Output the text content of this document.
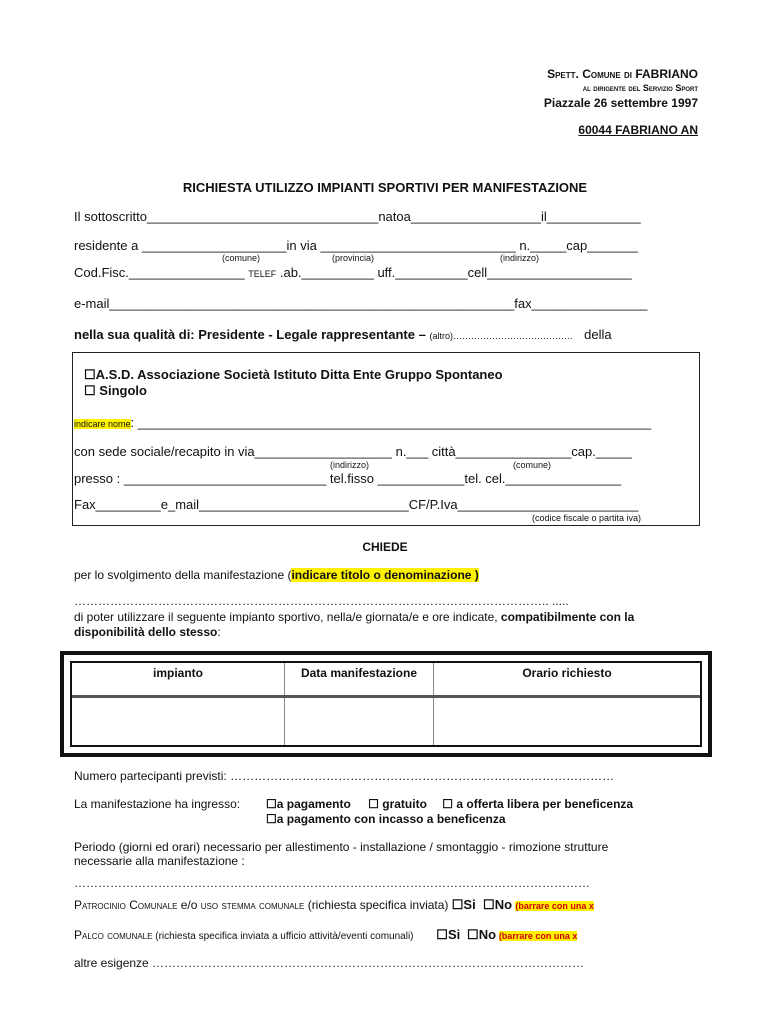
Spett. Comune di FABRIANO
al dirigente del Servizio Sport
Piazzale 26 settembre 1997
60044 FABRIANO AN
RICHIESTA UTILIZZO IMPIANTI SPORTIVI PER MANIFESTAZIONE
Il sottoscritto________________________________natoa__________________il_____________
residente a ____________________in via ___________________________ n._____cap_______
(comune)	(provincia)	(indirizzo)
Cod.Fisc.________________ TELEF .ab.__________ uff.__________cell____________________
e-mail________________________________________________________fax________________
nella sua qualità di: Presidente - Legale rappresentante – (altro)…………………………………. della
☐A.S.D. Associazione Società Istituto Ditta Ente Gruppo Spontaneo
☐ Singolo
indicare nome: _______________________________________________________________________
con sede sociale/recapito in via___________________ n.___ città________________cap._____
(indirizzo)	(comune)
presso : ____________________________ tel.fisso ____________tel. cel.________________
Fax_________e_mail_____________________________CF/P.Iva_________________________
(codice fiscale o partita iva)
CHIEDE
per lo svolgimento della manifestazione (indicare titolo o denominazione )
……………………………………………………………………………………………………….. .....
di poter utilizzare il seguente impianto sportivo, nella/e giornata/e e ore indicate, compatibilmente con la
disponibilità dello stesso:
impianto	Data manifestazione	Orario richiesto

Numero partecipanti previsti: ……………………………………………………………………………………
La manifestazione ha ingresso: ☐a pagamento ☐ gratuito ☐ a offerta libera per beneficenza
☐a pagamento con incasso a beneficenza
Periodo (giorni ed orari) necessario per allestimento - installazione / smontaggio - rimozione strutture
necessarie alla manifestazione :
…………………………………………………………………………………………………………………
Patrocinio Comunale e/o uso stemma comunale (richiesta specifica inviata) ☐Si ☐No (barrare con una x
Palco comunale (richiesta specifica inviata a ufficio attività/eventi comunali) ☐Si ☐No (barrare con una x
altre esigenze ………………………………………………………………………………………………
